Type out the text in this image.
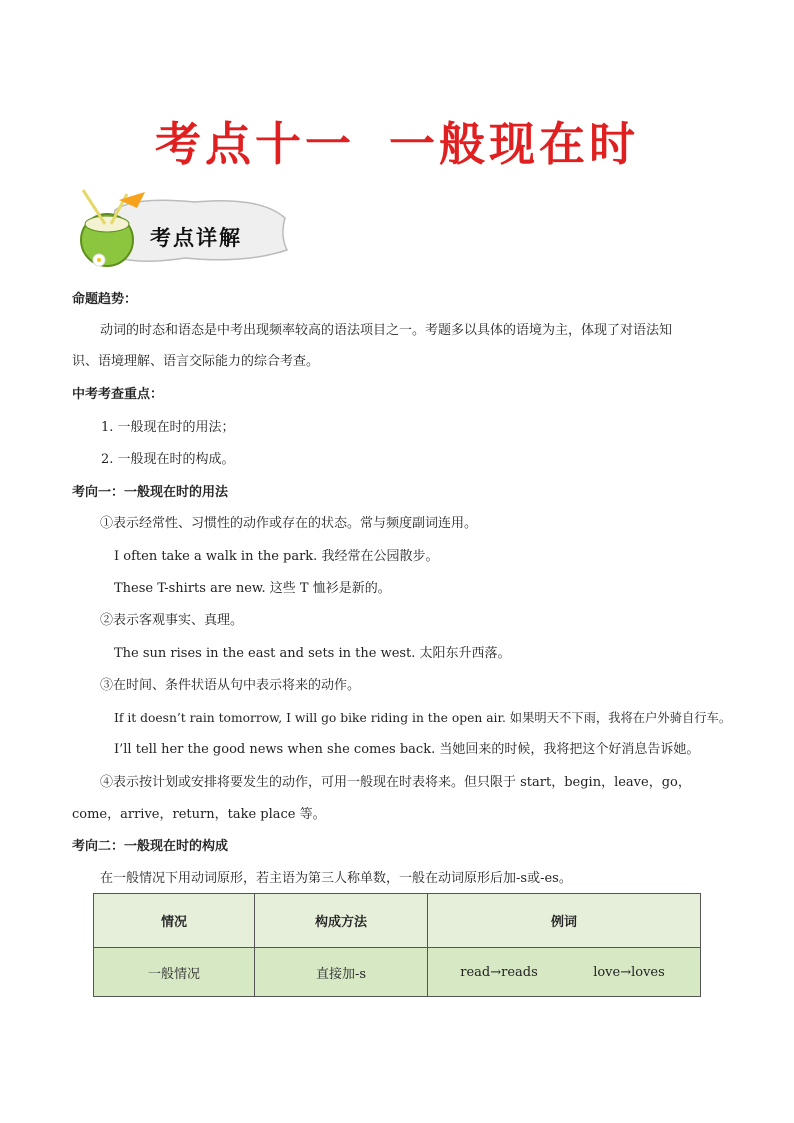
考点十一 一般现在时
考点详解
命题趋势：
动词的时态和语态是中考出现频率较高的语法项目之一。考题多以具体的语境为主，体现了对语法知
识、语境理解、语言交际能力的综合考查。
中考考查重点：
1. 一般现在时的用法；
2. 一般现在时的构成。
考向一：一般现在时的用法
①表示经常性、习惯性的动作或存在的状态。常与频度副词连用。
I often take a walk in the park. 我经常在公园散步。
These T-shirts are new. 这些 T 恤衫是新的。
②表示客观事实、真理。
The sun rises in the east and sets in the west. 太阳东升西落。
③在时间、条件状语从句中表示将来的动作。
If it doesn’t rain tomorrow, I will go bike riding in the open air. 如果明天不下雨，我将在户外骑自行车。
I’ll tell her the good news when she comes back. 当她回来的时候，我将把这个好消息告诉她。
④表示按计划或安排将要发生的动作，可用一般现在时表将来。但只限于 start，begin，leave，go，
come，arrive，return，take place 等。
考向二：一般现在时的构成
在一般情况下用动词原形，若主语为第三人称单数，一般在动词原形后加-s或-es。
情况	构成方法	例词
一般情况	直接加-s	read→reads love→loves
